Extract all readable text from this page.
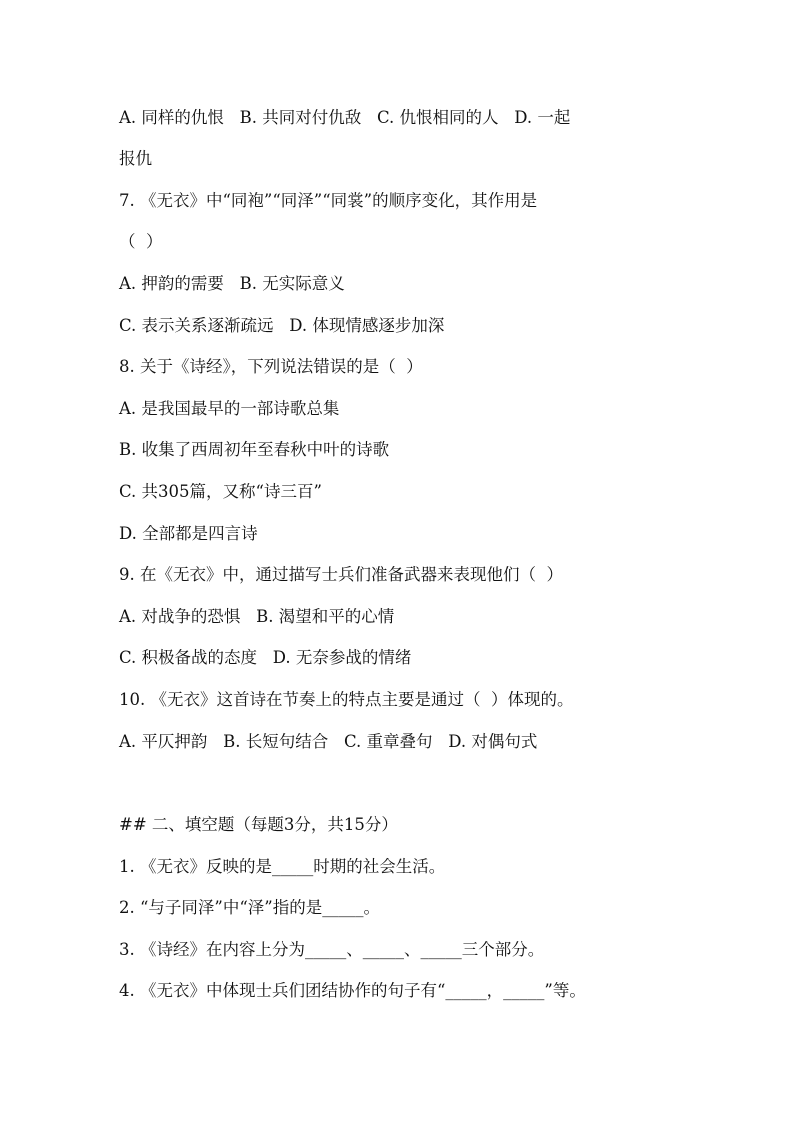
A. 同样的仇恨   B. 共同对付仇敌   C. 仇恨相同的人   D. 一起
报仇
7. 《无衣》中“同袍”“同泽”“同裳”的顺序变化，其作用是
（  ）
A. 押韵的需要   B. 无实际意义
C. 表示关系逐渐疏远   D. 体现情感逐步加深
8. 关于《诗经》，下列说法错误的是（  ）
A. 是我国最早的一部诗歌总集
B. 收集了西周初年至春秋中叶的诗歌
C. 共305篇，又称“诗三百”
D. 全部都是四言诗
9. 在《无衣》中，通过描写士兵们准备武器来表现他们（  ）
A. 对战争的恐惧   B. 渴望和平的心情
C. 积极备战的态度   D. 无奈参战的情绪
10. 《无衣》这首诗在节奏上的特点主要是通过（  ）体现的。
A. 平仄押韵   B. 长短句结合   C. 重章叠句   D. 对偶句式
## 二、填空题（每题3分，共15分）
1. 《无衣》反映的是_____时期的社会生活。
2. “与子同泽”中“泽”指的是_____。
3. 《诗经》在内容上分为_____、_____、_____三个部分。
4. 《无衣》中体现士兵们团结协作的句子有“_____，_____”等。
